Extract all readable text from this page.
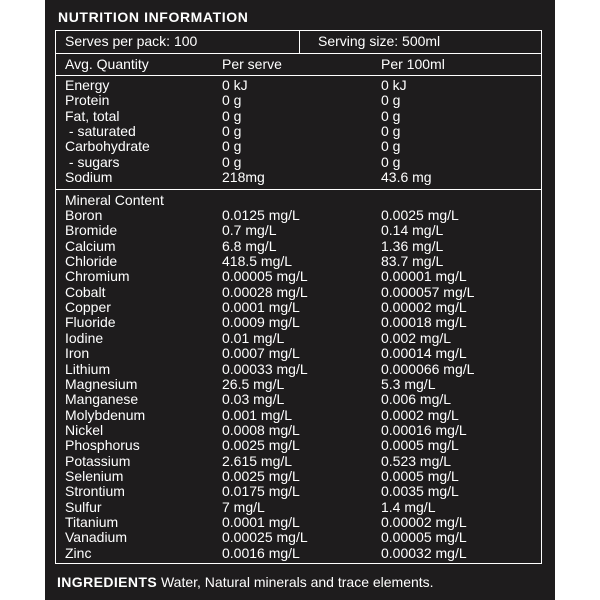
NUTRITION INFORMATION
Serves per pack: 100	Serving size: 500ml
Avg. Quantity	Per serve	Per 100ml
Energy	0 kJ	0 kJ
Protein	0 g	0 g
Fat, total	0 g	0 g
- saturated	0 g	0 g
Carbohydrate	0 g	0 g
- sugars	0 g	0 g
Sodium	218mg	43.6 mg
Mineral Content
Boron	0.0125 mg/L	0.0025 mg/L
Bromide	0.7 mg/L	0.14 mg/L
Calcium	6.8 mg/L	1.36 mg/L
Chloride	418.5 mg/L	83.7 mg/L
Chromium	0.00005 mg/L	0.00001 mg/L
Cobalt	0.00028 mg/L	0.000057 mg/L
Copper	0.0001 mg/L	0.00002 mg/L
Fluoride	0.0009 mg/L	0.00018 mg/L
Iodine	0.01 mg/L	0.002 mg/L
Iron	0.0007 mg/L	0.00014 mg/L
Lithium	0.00033 mg/L	0.000066 mg/L
Magnesium	26.5 mg/L	5.3 mg/L
Manganese	0.03 mg/L	0.006 mg/L
Molybdenum	0.001 mg/L	0.0002 mg/L
Nickel	0.0008 mg/L	0.00016 mg/L
Phosphorus	0.0025 mg/L	0.0005 mg/L
Potassium	2.615 mg/L	0.523 mg/L
Selenium	0.0025 mg/L	0.0005 mg/L
Strontium	0.0175 mg/L	0.0035 mg/L
Sulfur	7 mg/L	1.4 mg/L
Titanium	0.0001 mg/L	0.00002 mg/L
Vanadium	0.00025 mg/L	0.00005 mg/L
Zinc	0.0016 mg/L	0.00032 mg/L
INGREDIENTS Water, Natural minerals and trace elements.
